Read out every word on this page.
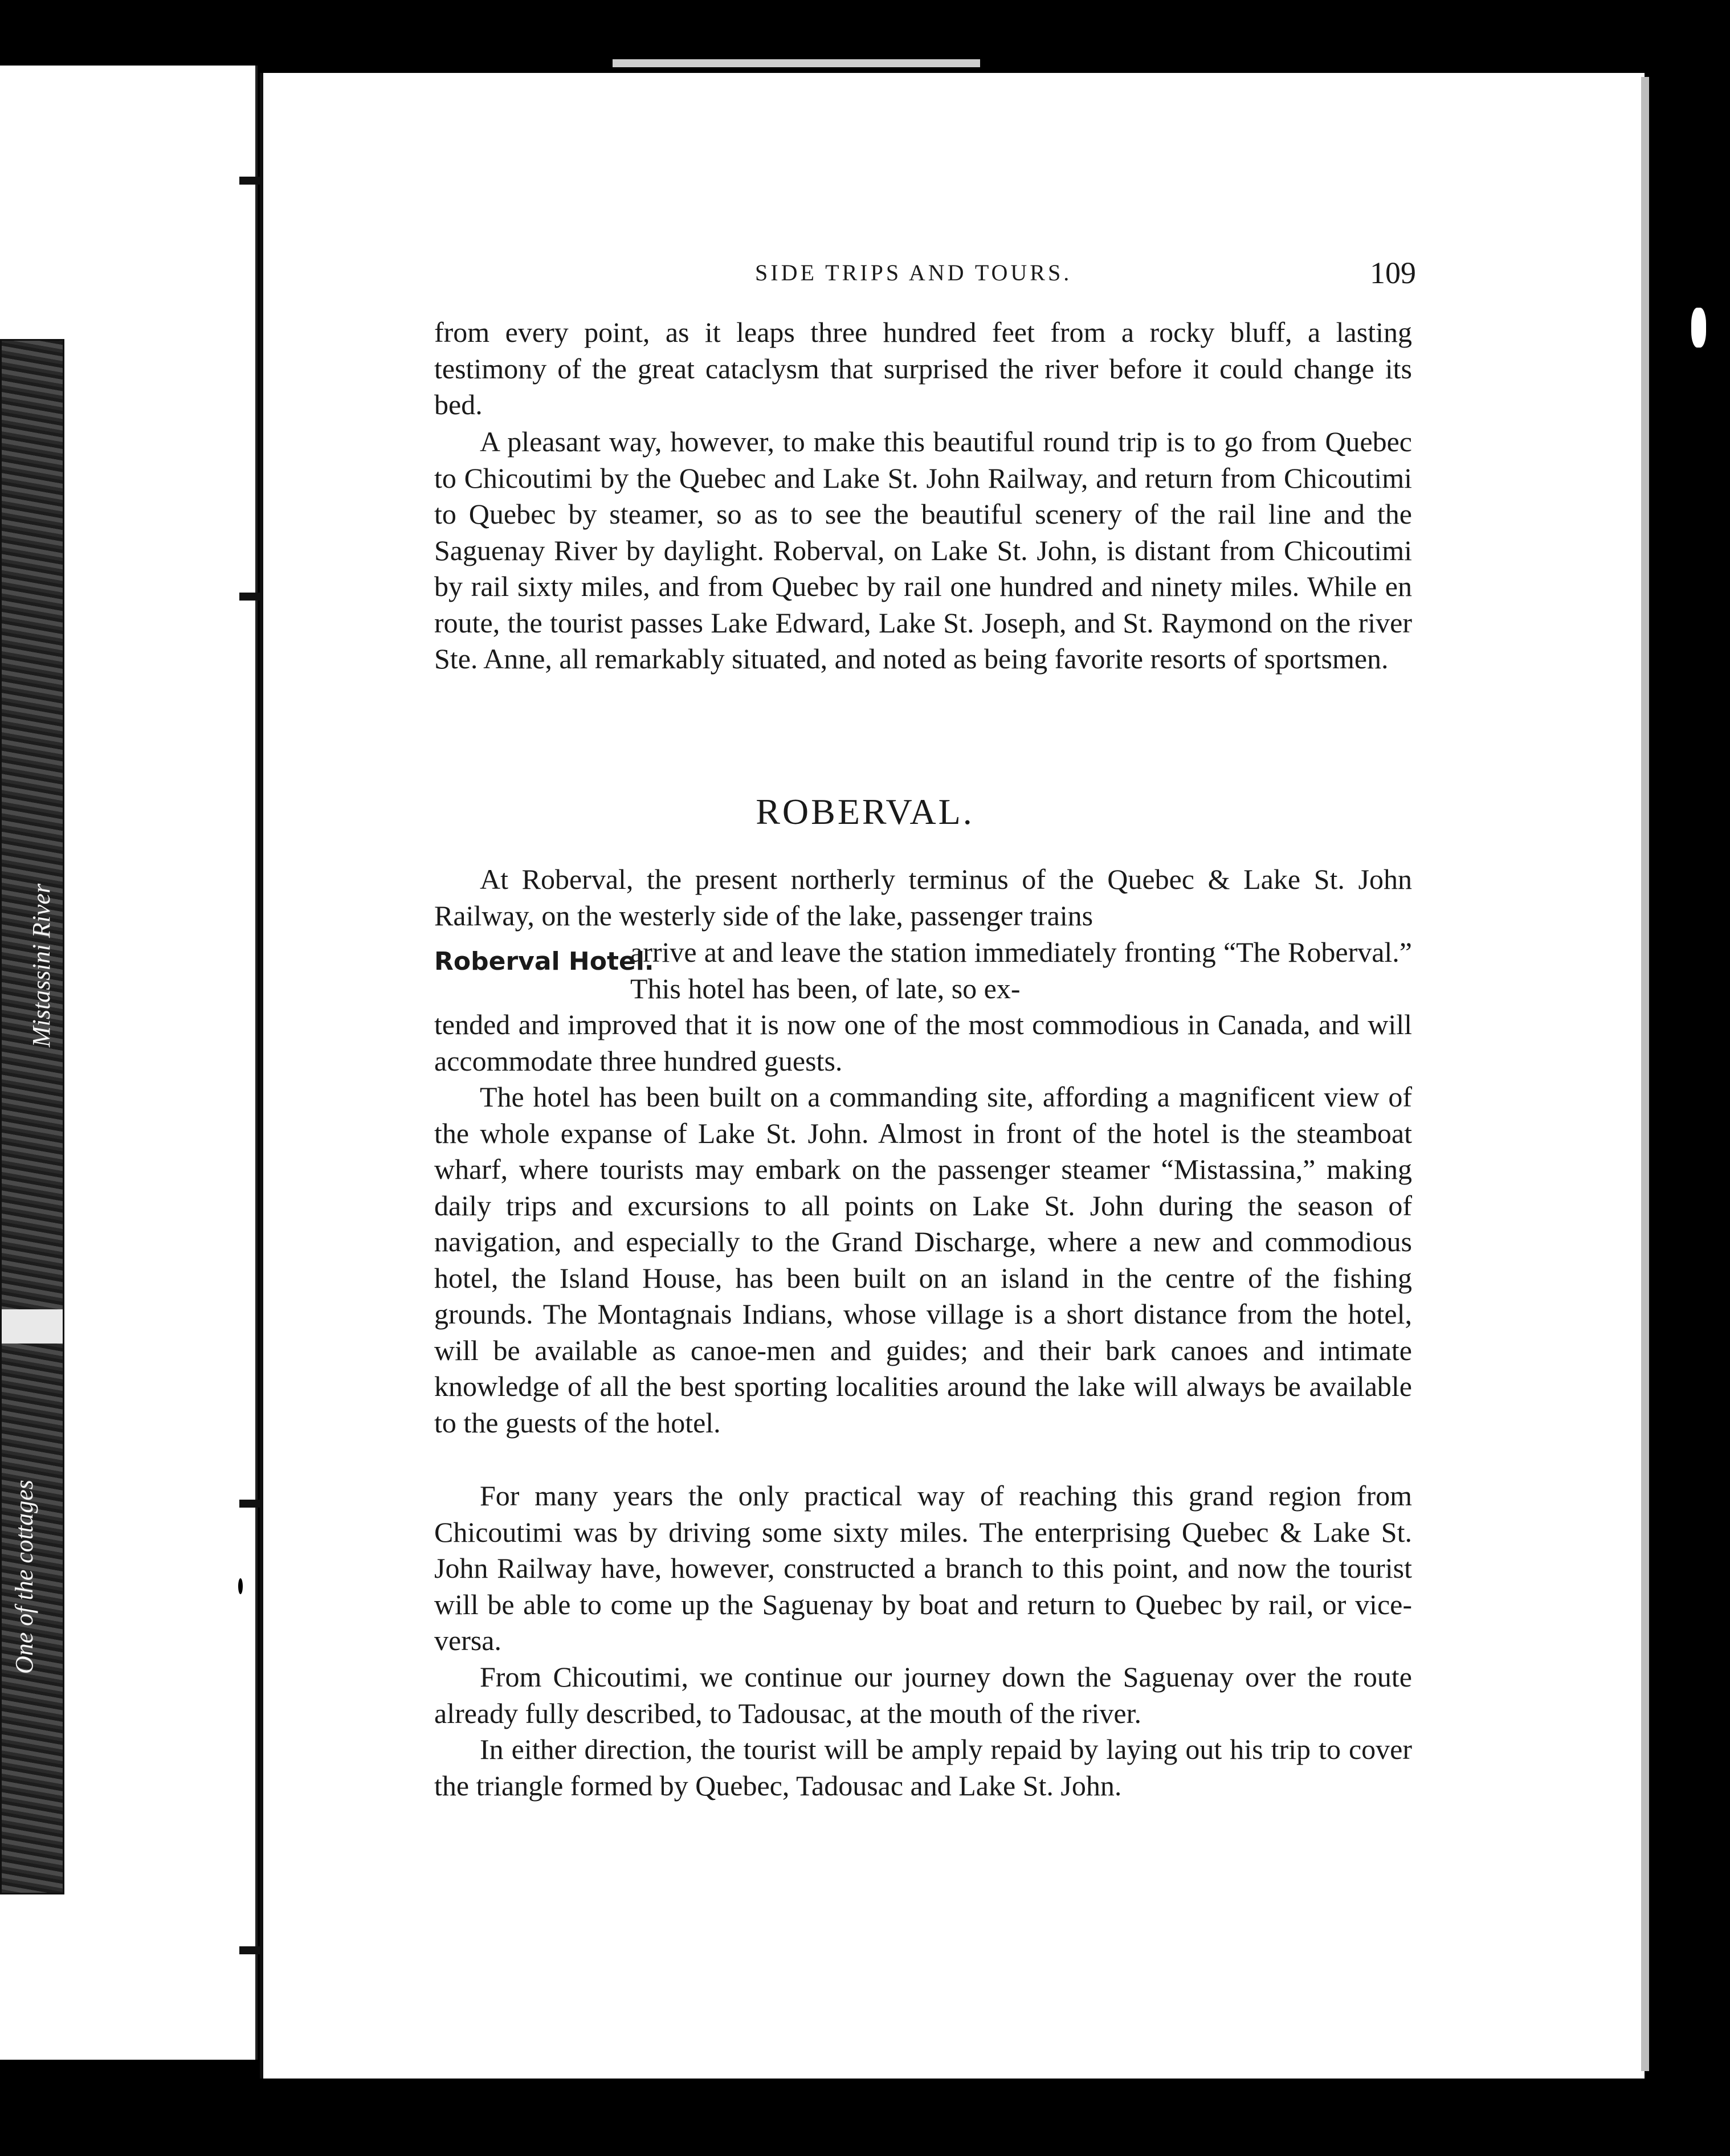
Mistassini River
One of the cottages
SIDE TRIPS AND TOURS.	109

from every point, as it leaps three hundred feet from a rocky bluff, a lasting testimony of the great cataclysm that surprised the river before it could change its bed.

A pleasant way, however, to make this beautiful round trip is to go from Quebec to Chicoutimi by the Quebec and Lake St. John Railway, and return from Chicoutimi to Quebec by steamer, so as to see the beautiful scenery of the rail line and the Saguenay River by daylight. Roberval, on Lake St. John, is distant from Chicoutimi by rail sixty miles, and from Quebec by rail one hundred and ninety miles. While en route, the tourist passes Lake Edward, Lake St. Joseph, and St. Raymond on the river Ste. Anne, all remarkably situated, and noted as being favorite resorts of sportsmen.

ROBERVAL.

At Roberval, the present northerly terminus of the Quebec & Lake St. John Railway, on the westerly side of the lake, passenger trains

Roberval Hotel.

arrive at and leave the station immediately fronting “The Roberval.” This hotel has been, of late, so ex-

tended and improved that it is now one of the most commodious in Canada, and will accommodate three hundred guests.

The hotel has been built on a commanding site, affording a magnificent view of the whole expanse of Lake St. John. Almost in front of the hotel is the steamboat wharf, where tourists may embark on the passenger steamer “Mistassina,” making daily trips and excursions to all points on Lake St. John during the season of navigation, and especially to the Grand Discharge, where a new and commodious hotel, the Island House, has been built on an island in the centre of the fishing grounds. The Montagnais Indians, whose village is a short distance from the hotel, will be available as canoe-men and guides; and their bark canoes and intimate knowledge of all the best sporting localities around the lake will always be available to the guests of the hotel.

For many years the only practical way of reaching this grand region from Chicoutimi was by driving some sixty miles. The enterprising Quebec & Lake St. John Railway have, however, constructed a branch to this point, and now the tourist will be able to come up the Saguenay by boat and return to Quebec by rail, or vice-versa.

From Chicoutimi, we continue our journey down the Saguenay over the route already fully described, to Tadousac, at the mouth of the river.

In either direction, the tourist will be amply repaid by laying out his trip to cover the triangle formed by Quebec, Tadousac and Lake St. John.
